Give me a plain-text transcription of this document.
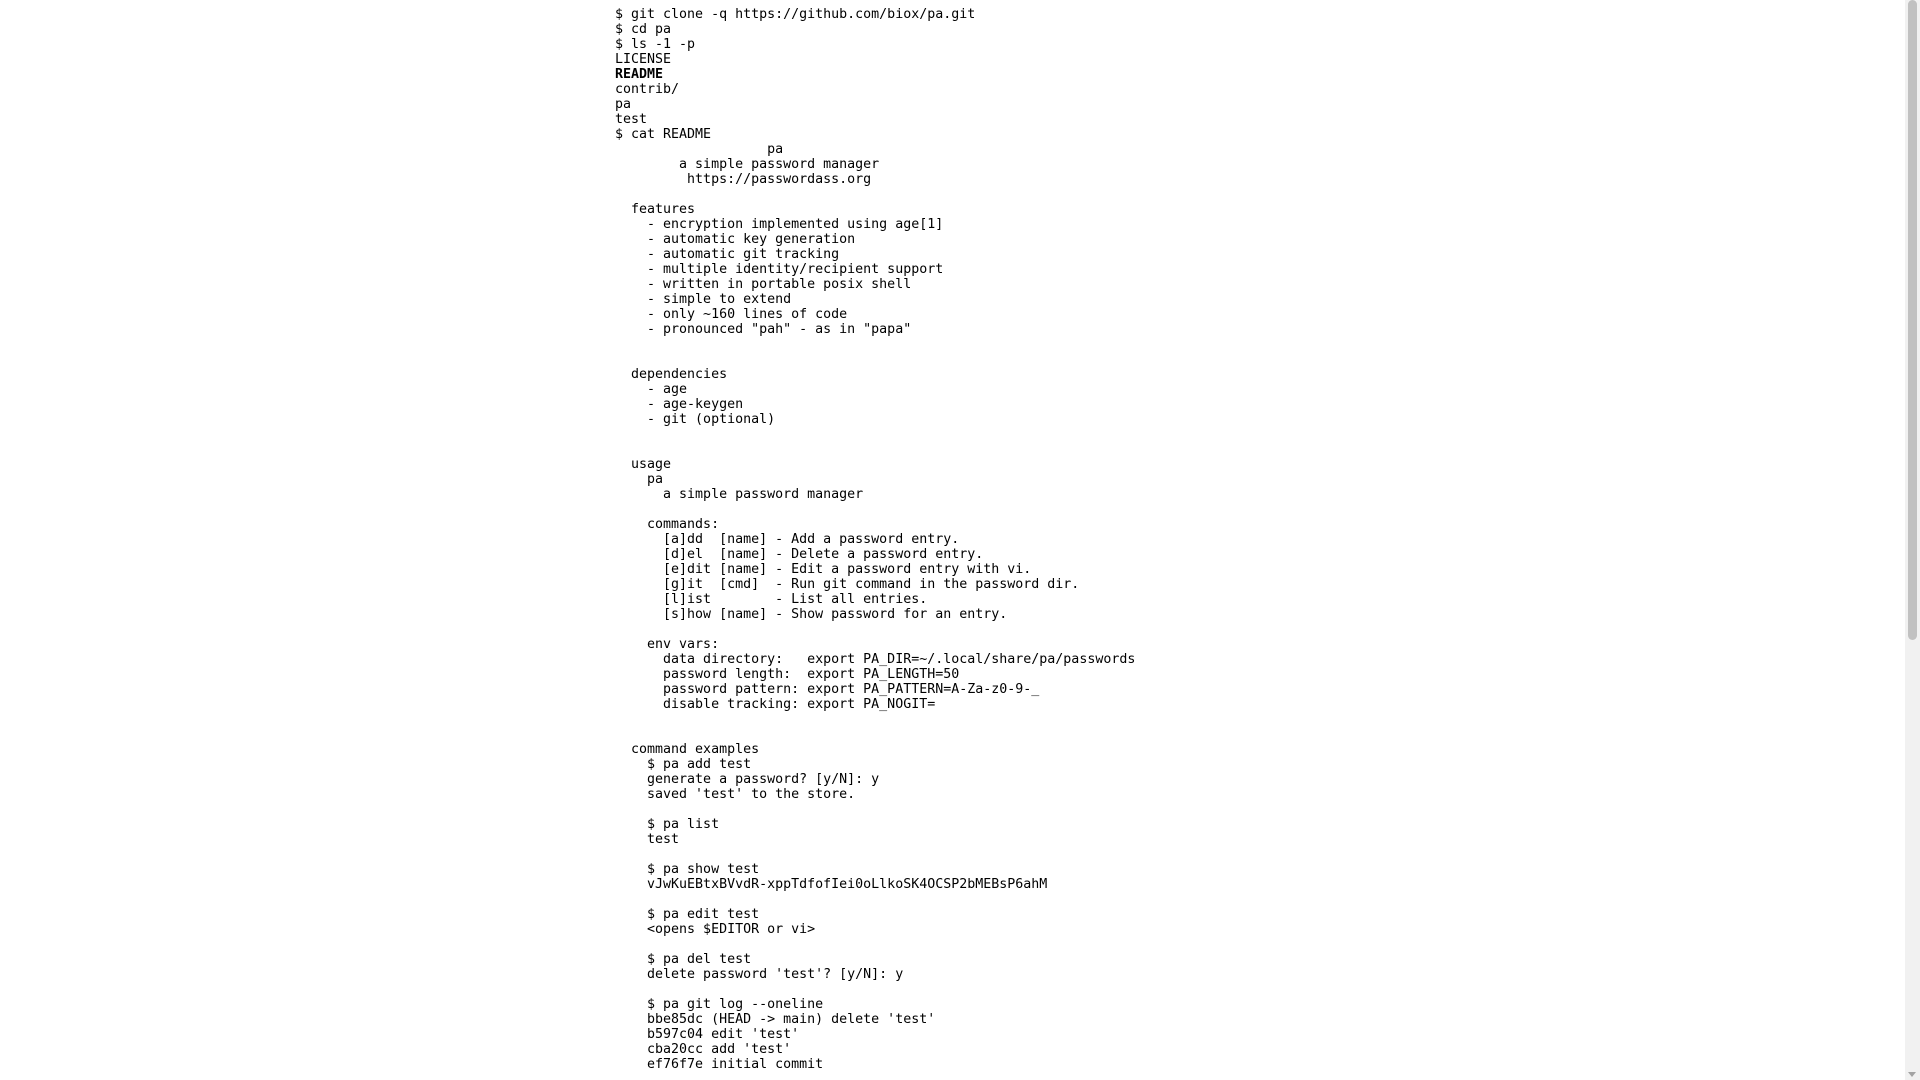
$ git clone -q https://github.com/biox/pa.git
$ cd pa
$ ls -1 -p
LICENSE
README
contrib/
pa
test
$ cat README
pa
a simple password manager
https://passwordass.org
features
- encryption implemented using age[1]
- automatic key generation
- automatic git tracking
- multiple identity/recipient support
- written in portable posix shell
- simple to extend
- only ~160 lines of code
- pronounced "pah" - as in "papa"
dependencies
- age
- age-keygen
- git (optional)
usage
pa
a simple password manager
commands:
[a]dd  [name] - Add a password entry.
[d]el  [name] - Delete a password entry.
[e]dit [name] - Edit a password entry with vi.
[g]it  [cmd]  - Run git command in the password dir.
[l]ist        - List all entries.
[s]how [name] - Show password for an entry.
env vars:
data directory:   export PA_DIR=~/.local/share/pa/passwords
password length:  export PA_LENGTH=50
password pattern: export PA_PATTERN=A-Za-z0-9-_
disable tracking: export PA_NOGIT=
command examples
$ pa add test
generate a password? [y/N]: y
saved 'test' to the store.
$ pa list
test
$ pa show test
vJwKuEBtxBVvdR-xppTdfofIei0oLlkoSK4OCSP2bMEBsP6ahM
$ pa edit test
<opens $EDITOR or vi>
$ pa del test
delete password 'test'? [y/N]: y
$ pa git log --oneline
bbe85dc (HEAD -> main) delete 'test'
b597c04 edit 'test'
cba20cc add 'test'
ef76f7e initial commit
